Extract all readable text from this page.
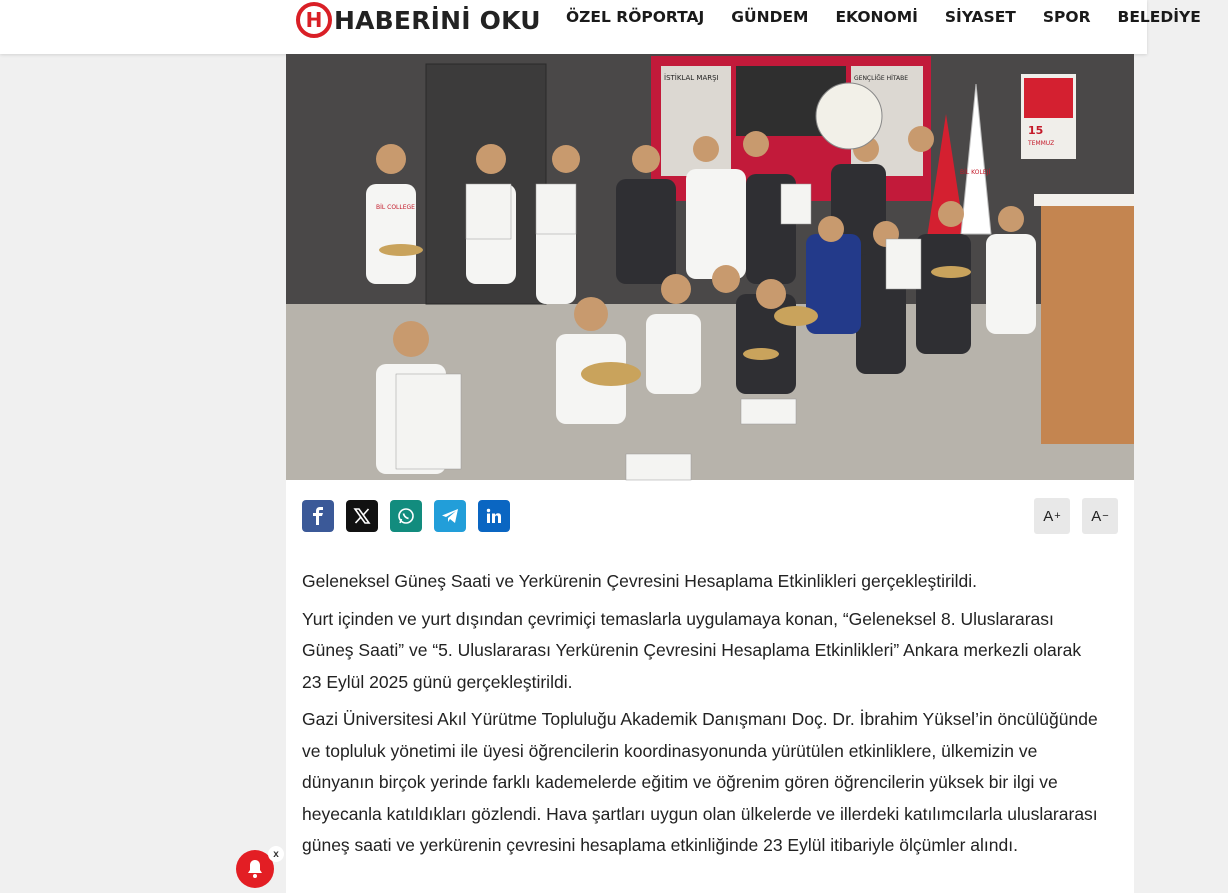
H HABERİNİ OKU ÖZEL RÖPORTAJ GÜNDEM EKONOMİ SİYASET SPOR BELEDİYE
İSTİKLAL MARŞI	GENÇLİĞE HİTABE
15
TEMMUZ
BİL KOLEJİ
BİL COLLEGE
A + A −

Geleneksel Güneş Saati ve Yerkürenin Çevresini Hesaplama Etkinlikleri gerçekleştirildi.

Yurt içinden ve yurt dışından çevrimiçi temaslarla uygulamaya konan, “Geleneksel 8. Uluslararası Güneş Saati” ve “5. Uluslararası Yerkürenin Çevresini Hesaplama Etkinlikleri” Ankara merkezli olarak 23 Eylül 2025 günü gerçekleştirildi.

Gazi Üniversitesi Akıl Yürütme Topluluğu Akademik Danışmanı Doç. Dr. İbrahim Yüksel’in öncülüğünde ve topluluk yönetimi ile üyesi öğrencilerin koordinasyonunda yürütülen etkinliklere, ülkemizin ve dünyanın birçok yerinde farklı kademelerde eğitim ve öğrenim gören öğrencilerin yüksek bir ilgi ve heyecanla katıldıkları gözlendi. Hava şartları uygun olan ülkelerde ve illerdeki katılımcılarla uluslararası güneş saati ve yerkürenin çevresini hesaplama etkinliğinde 23 Eylül itibariyle ölçümler alındı.

x
